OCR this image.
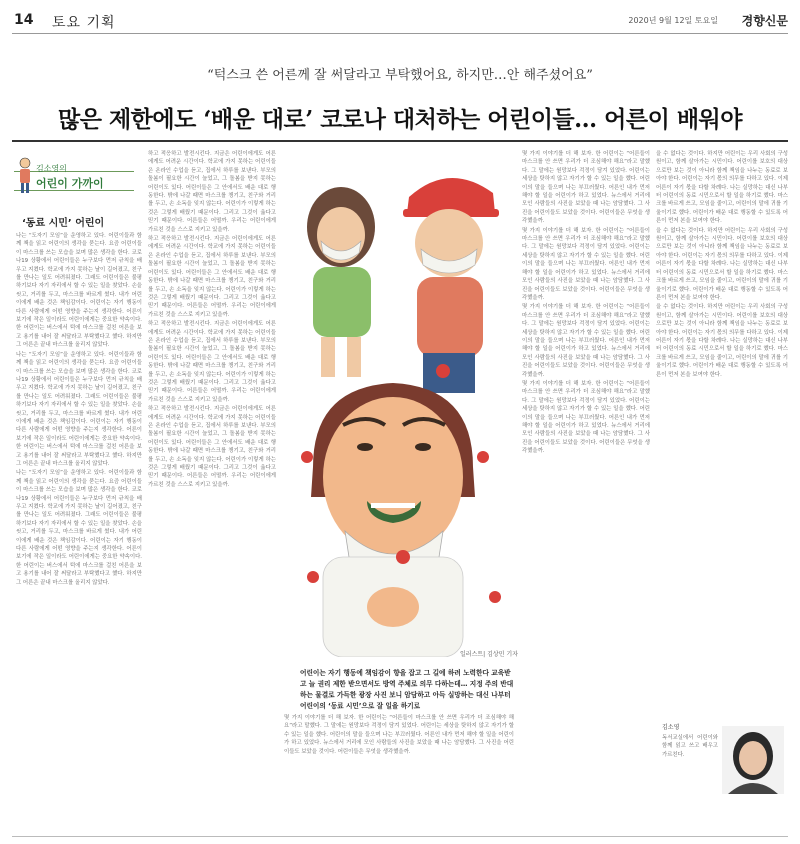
14 토요 기획	2020년 9월 12일 토요일 경향신문
“턱스크 쓴 어른께 잘 써달라고 부탁했어요, 하지만…안 해주셨어요”
많은 제한에도 ‘배운 대로’ 코로나 대처하는 어린이들… 어른이 배워야
김소영의
어린이 가까이
‘동료 시민’ 어린이

나는 “도자기 모임”을 운영하고 있다. 어린이들과 함께 책을 읽고 어린이의 생각을 묻는다. 요즘 어린이들이 마스크를 쓰는 모습을 보며 많은 생각을 한다. 코로나19 상황에서 어린이들은 누구보다 먼저 규칙을 배우고 지켰다. 학교에 가지 못하는 날이 길어졌고, 친구를 만나는 일도 어려워졌다. 그래도 어린이들은 불평하기보다 자기 자리에서 할 수 있는 일을 찾았다. 손을 씻고, 거리를 두고, 마스크를 바르게 썼다. 내가 어린이에게 배운 것은 책임감이다. 어린이는 자기 행동이 다른 사람에게 어떤 영향을 주는지 생각한다. 어른이 보기에 작은 일이라도 어린이에게는 중요한 약속이다. 한 어린이는 버스에서 턱에 마스크를 걸친 어른을 보고 용기를 내어 잘 써달라고 부탁했다고 했다. 하지만 그 어른은 끝내 마스크를 올리지 않았다.

나는 “도자기 모임”을 운영하고 있다. 어린이들과 함께 책을 읽고 어린이의 생각을 묻는다. 요즘 어린이들이 마스크를 쓰는 모습을 보며 많은 생각을 한다. 코로나19 상황에서 어린이들은 누구보다 먼저 규칙을 배우고 지켰다. 학교에 가지 못하는 날이 길어졌고, 친구를 만나는 일도 어려워졌다. 그래도 어린이들은 불평하기보다 자기 자리에서 할 수 있는 일을 찾았다. 손을 씻고, 거리를 두고, 마스크를 바르게 썼다. 내가 어린이에게 배운 것은 책임감이다. 어린이는 자기 행동이 다른 사람에게 어떤 영향을 주는지 생각한다. 어른이 보기에 작은 일이라도 어린이에게는 중요한 약속이다. 한 어린이는 버스에서 턱에 마스크를 걸친 어른을 보고 용기를 내어 잘 써달라고 부탁했다고 했다. 하지만 그 어른은 끝내 마스크를 올리지 않았다.

나는 “도자기 모임”을 운영하고 있다. 어린이들과 함께 책을 읽고 어린이의 생각을 묻는다. 요즘 어린이들이 마스크를 쓰는 모습을 보며 많은 생각을 한다. 코로나19 상황에서 어린이들은 누구보다 먼저 규칙을 배우고 지켰다. 학교에 가지 못하는 날이 길어졌고, 친구를 만나는 일도 어려워졌다. 그래도 어린이들은 불평하기보다 자기 자리에서 할 수 있는 일을 찾았다. 손을 씻고, 거리를 두고, 마스크를 바르게 썼다. 내가 어린이에게 배운 것은 책임감이다. 어린이는 자기 행동이 다른 사람에게 어떤 영향을 주는지 생각한다. 어른이 보기에 작은 일이라도 어린이에게는 중요한 약속이다. 한 어린이는 버스에서 턱에 마스크를 걸친 어른을 보고 용기를 내어 잘 써달라고 부탁했다고 했다. 하지만 그 어른은 끝내 마스크를 올리지 않았다.

하고 적응하고 발전시킨다. 지금은 어린이에게도 어른에게도 어려운 시간이다. 학교에 가지 못하는 어린이들은 온라인 수업을 듣고, 집에서 하루를 보낸다. 부모의 돌봄이 필요한 시간이 늘었고, 그 돌봄을 받지 못하는 어린이도 있다. 어린이들은 그 안에서도 배운 대로 행동한다. 밖에 나갈 때면 마스크를 챙기고, 친구와 거리를 두고, 손 소독을 잊지 않는다. 어린이가 이렇게 하는 것은 그렇게 배웠기 때문이다. 그리고 그것이 옳다고 믿기 때문이다. 어른들은 어떨까. 우리는 어린이에게 가르친 것을 스스로 지키고 있을까.

하고 적응하고 발전시킨다. 지금은 어린이에게도 어른에게도 어려운 시간이다. 학교에 가지 못하는 어린이들은 온라인 수업을 듣고, 집에서 하루를 보낸다. 부모의 돌봄이 필요한 시간이 늘었고, 그 돌봄을 받지 못하는 어린이도 있다. 어린이들은 그 안에서도 배운 대로 행동한다. 밖에 나갈 때면 마스크를 챙기고, 친구와 거리를 두고, 손 소독을 잊지 않는다. 어린이가 이렇게 하는 것은 그렇게 배웠기 때문이다. 그리고 그것이 옳다고 믿기 때문이다. 어른들은 어떨까. 우리는 어린이에게 가르친 것을 스스로 지키고 있을까.

하고 적응하고 발전시킨다. 지금은 어린이에게도 어른에게도 어려운 시간이다. 학교에 가지 못하는 어린이들은 온라인 수업을 듣고, 집에서 하루를 보낸다. 부모의 돌봄이 필요한 시간이 늘었고, 그 돌봄을 받지 못하는 어린이도 있다. 어린이들은 그 안에서도 배운 대로 행동한다. 밖에 나갈 때면 마스크를 챙기고, 친구와 거리를 두고, 손 소독을 잊지 않는다. 어린이가 이렇게 하는 것은 그렇게 배웠기 때문이다. 그리고 그것이 옳다고 믿기 때문이다. 어른들은 어떨까. 우리는 어린이에게 가르친 것을 스스로 지키고 있을까.

하고 적응하고 발전시킨다. 지금은 어린이에게도 어른에게도 어려운 시간이다. 학교에 가지 못하는 어린이들은 온라인 수업을 듣고, 집에서 하루를 보낸다. 부모의 돌봄이 필요한 시간이 늘었고, 그 돌봄을 받지 못하는 어린이도 있다. 어린이들은 그 안에서도 배운 대로 행동한다. 밖에 나갈 때면 마스크를 챙기고, 친구와 거리를 두고, 손 소독을 잊지 않는다. 어린이가 이렇게 하는 것은 그렇게 배웠기 때문이다. 그리고 그것이 옳다고 믿기 때문이다. 어른들은 어떨까. 우리는 어린이에게 가르친 것을 스스로 지키고 있을까.

몇 가지 이야기를 더 해 보자. 한 어린이는 “어른들이 마스크를 안 쓰면 우리가 더 조심해야 해요”라고 말했다. 그 말에는 원망보다 걱정이 담겨 있었다. 어린이는 세상을 탓하지 않고 자기가 할 수 있는 일을 했다. 어린이의 말을 들으며 나는 부끄러웠다. 어른인 내가 먼저 해야 할 일을 어린이가 하고 있었다. 뉴스에서 거리에 모인 사람들의 사진을 보았을 때 나는 암담했다. 그 사진을 어린이들도 보았을 것이다. 어린이들은 무엇을 생각했을까.

몇 가지 이야기를 더 해 보자. 한 어린이는 “어른들이 마스크를 안 쓰면 우리가 더 조심해야 해요”라고 말했다. 그 말에는 원망보다 걱정이 담겨 있었다. 어린이는 세상을 탓하지 않고 자기가 할 수 있는 일을 했다. 어린이의 말을 들으며 나는 부끄러웠다. 어른인 내가 먼저 해야 할 일을 어린이가 하고 있었다. 뉴스에서 거리에 모인 사람들의 사진을 보았을 때 나는 암담했다. 그 사진을 어린이들도 보았을 것이다. 어린이들은 무엇을 생각했을까.

몇 가지 이야기를 더 해 보자. 한 어린이는 “어른들이 마스크를 안 쓰면 우리가 더 조심해야 해요”라고 말했다. 그 말에는 원망보다 걱정이 담겨 있었다. 어린이는 세상을 탓하지 않고 자기가 할 수 있는 일을 했다. 어린이의 말을 들으며 나는 부끄러웠다. 어른인 내가 먼저 해야 할 일을 어린이가 하고 있었다. 뉴스에서 거리에 모인 사람들의 사진을 보았을 때 나는 암담했다. 그 사진을 어린이들도 보았을 것이다. 어린이들은 무엇을 생각했을까.

몇 가지 이야기를 더 해 보자. 한 어린이는 “어른들이 마스크를 안 쓰면 우리가 더 조심해야 해요”라고 말했다. 그 말에는 원망보다 걱정이 담겨 있었다. 어린이는 세상을 탓하지 않고 자기가 할 수 있는 일을 했다. 어린이의 말을 들으며 나는 부끄러웠다. 어른인 내가 먼저 해야 할 일을 어린이가 하고 있었다. 뉴스에서 거리에 모인 사람들의 사진을 보았을 때 나는 암담했다. 그 사진을 어린이들도 보았을 것이다. 어린이들은 무엇을 생각했을까.

몇 가지 이야기를 더 해 보자. 한 어린이는 “어른들이 마스크를 안 쓰면 우리가 더 조심해야 해요”라고 말했다. 그 말에는 원망보다 걱정이 담겨 있었다. 어린이는 세상을 탓하지 않고 자기가 할 수 있는 일을 했다. 어린이의 말을 들으며 나는 부끄러웠다. 어른인 내가 먼저 해야 할 일을 어린이가 하고 있었다. 뉴스에서 거리에 모인 사람들의 사진을 보았을 때 나는 암담했다. 그 사진을 어린이들도 보았을 것이다. 어린이들은 무엇을 생각했을까.

을 수 없다는 것이다. 하지만 어린이는 우리 사회의 구성원이고, 함께 살아가는 시민이다. 어린이를 보호의 대상으로만 보는 것이 아니라 함께 책임을 나누는 동료로 보아야 한다. 어린이는 자기 몫의 의무를 다하고 있다. 이제 어른이 자기 몫을 다할 차례다. 나는 실망하는 대신 나부터 어린이의 동료 시민으로서 할 일을 하기로 했다. 마스크를 바르게 쓰고, 모임을 줄이고, 어린이의 말에 귀를 기울이기로 했다. 어린이가 배운 대로 행동할 수 있도록 어른이 먼저 본을 보여야 한다.

을 수 없다는 것이다. 하지만 어린이는 우리 사회의 구성원이고, 함께 살아가는 시민이다. 어린이를 보호의 대상으로만 보는 것이 아니라 함께 책임을 나누는 동료로 보아야 한다. 어린이는 자기 몫의 의무를 다하고 있다. 이제 어른이 자기 몫을 다할 차례다. 나는 실망하는 대신 나부터 어린이의 동료 시민으로서 할 일을 하기로 했다. 마스크를 바르게 쓰고, 모임을 줄이고, 어린이의 말에 귀를 기울이기로 했다. 어린이가 배운 대로 행동할 수 있도록 어른이 먼저 본을 보여야 한다.

을 수 없다는 것이다. 하지만 어린이는 우리 사회의 구성원이고, 함께 살아가는 시민이다. 어린이를 보호의 대상으로만 보는 것이 아니라 함께 책임을 나누는 동료로 보아야 한다. 어린이는 자기 몫의 의무를 다하고 있다. 이제 어른이 자기 몫을 다할 차례다. 나는 실망하는 대신 나부터 어린이의 동료 시민으로서 할 일을 하기로 했다. 마스크를 바르게 쓰고, 모임을 줄이고, 어린이의 말에 귀를 기울이기로 했다. 어린이가 배운 대로 행동할 수 있도록 어른이 먼저 본을 보여야 한다.

일러스트| 김상민 기자
어린이는 자기 행동에 책임감이 향을 잡고 그 길에 하려 노력한다 교육받고 늘 권리 제한 받으면서도 방역 주체로 의무 다하는데… 지정 주의 반대하는 물결로 가득한 광장 사진 보니 암담하고 아득 실망하는 대신 나부터 어린이의 ‘동료 시민’으로 잘 일을 하기로
김소영

독서교실에서 어린이와 함께 읽고 쓰고 배우고 가르친다.
